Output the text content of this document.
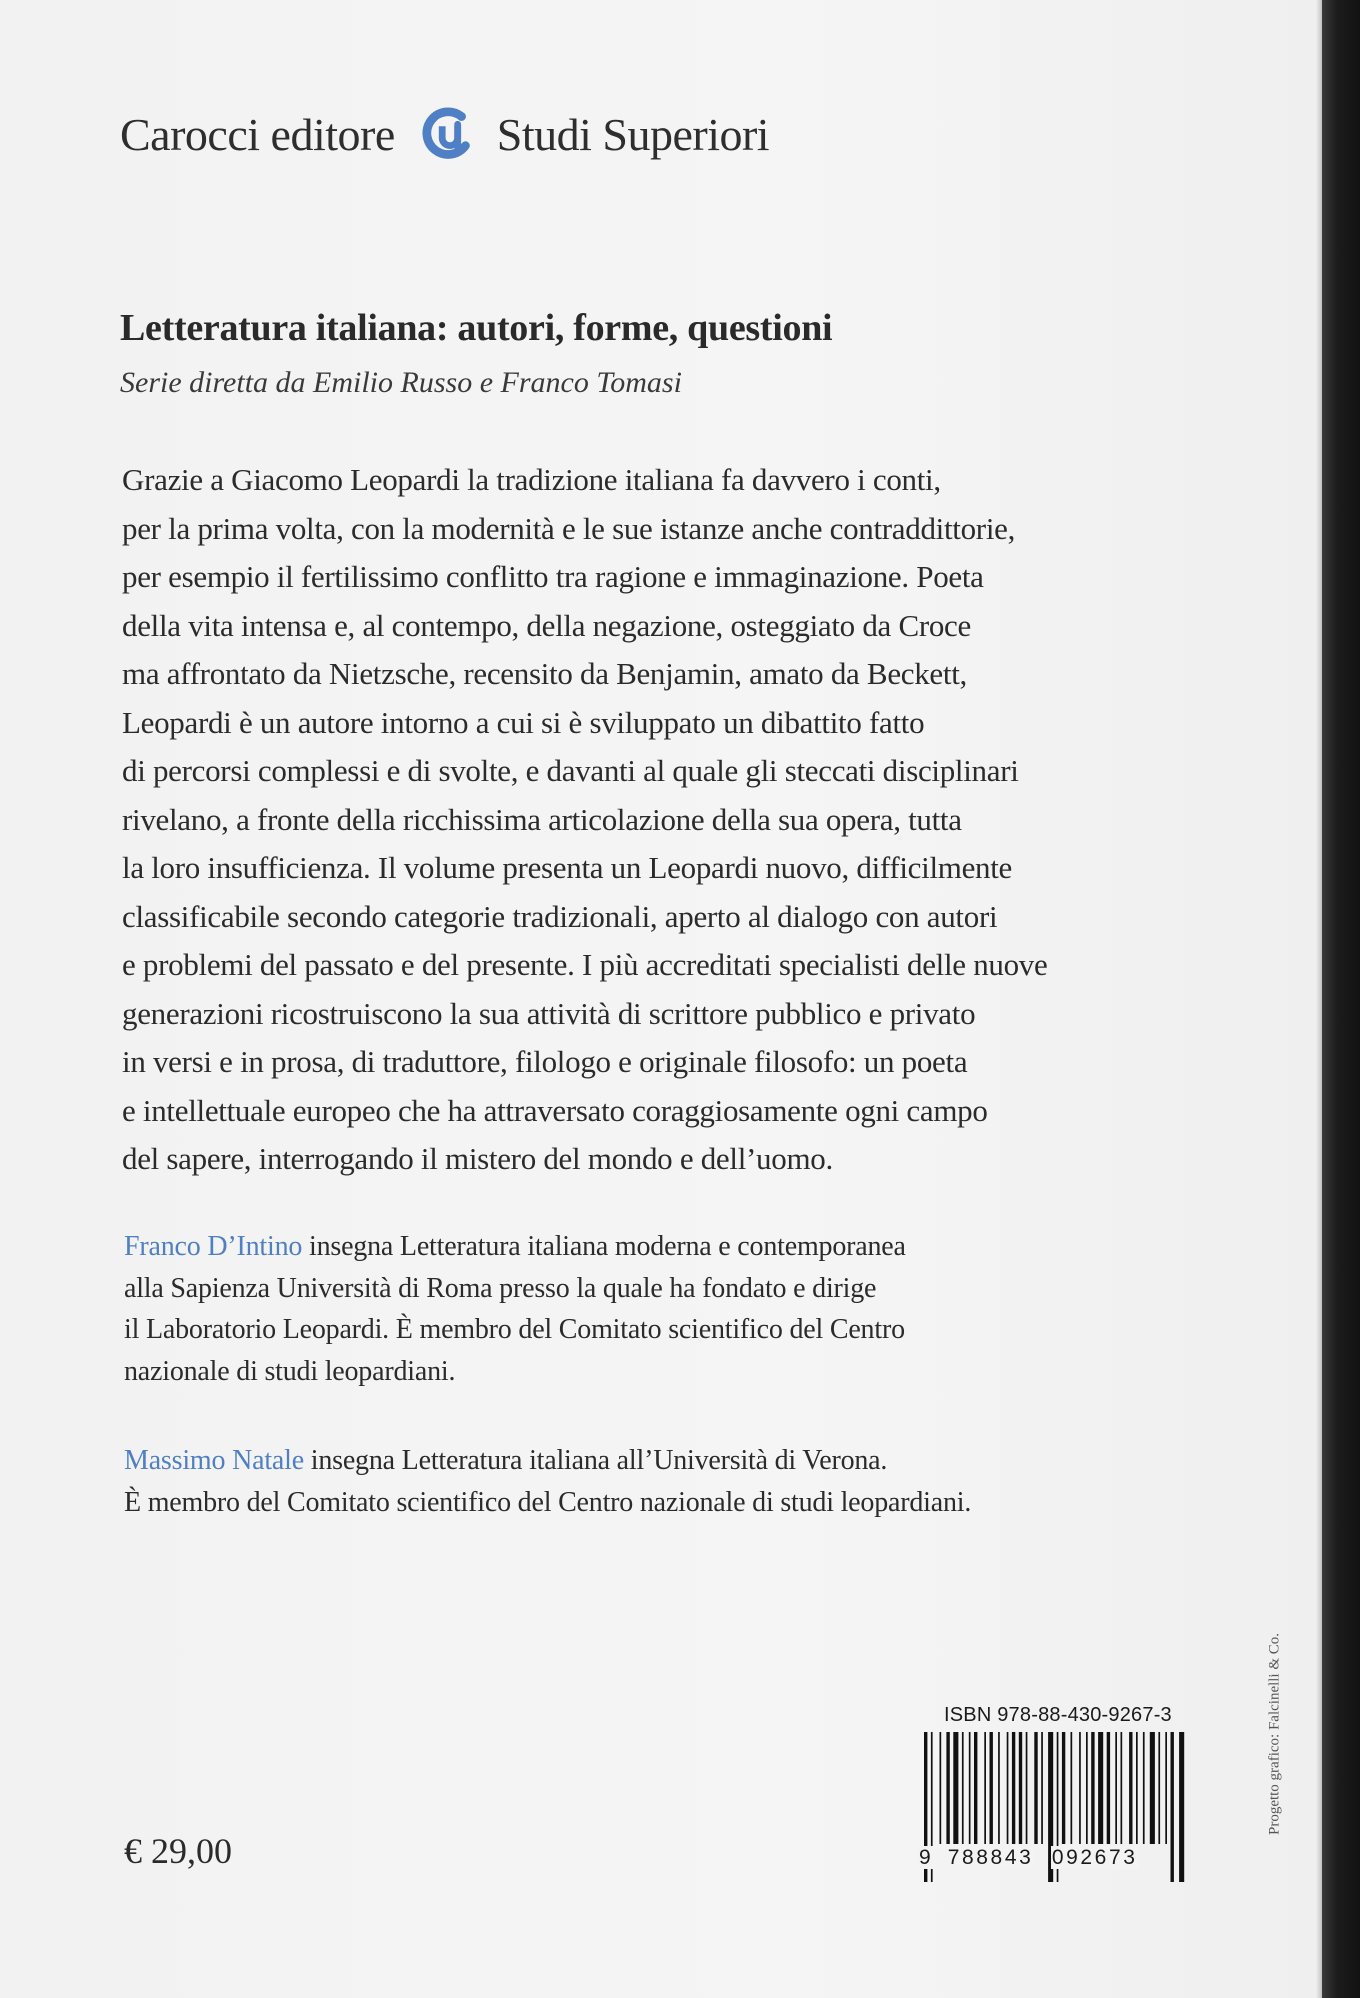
Carocci editore Studi Superiori
Letteratura italiana: autori, forme, questioni
Serie diretta da Emilio Russo e Franco Tomasi
Grazie a Giacomo Leopardi la tradizione italiana fa davvero i conti,
per la prima volta, con la modernità e le sue istanze anche contraddittorie,
per esempio il fertilissimo conflitto tra ragione e immaginazione. Poeta
della vita intensa e, al contempo, della negazione, osteggiato da Croce
ma affrontato da Nietzsche, recensito da Benjamin, amato da Beckett,
Leopardi è un autore intorno a cui si è sviluppato un dibattito fatto
di percorsi complessi e di svolte, e davanti al quale gli steccati disciplinari
rivelano, a fronte della ricchissima articolazione della sua opera, tutta
la loro insufficienza. Il volume presenta un Leopardi nuovo, difficilmente
classificabile secondo categorie tradizionali, aperto al dialogo con autori
e problemi del passato e del presente. I più accreditati specialisti delle nuove
generazioni ricostruiscono la sua attività di scrittore pubblico e privato
in versi e in prosa, di traduttore, filologo e originale filosofo: un poeta
e intellettuale europeo che ha attraversato coraggiosamente ogni campo
del sapere, interrogando il mistero del mondo e dell’uomo.
Franco D’Intino insegna Letteratura italiana moderna e contemporanea
alla Sapienza Università di Roma presso la quale ha fondato e dirige
il Laboratorio Leopardi. È membro del Comitato scientifico del Centro
nazionale di studi leopardiani.
Massimo Natale insegna Letteratura italiana all’Università di Verona.
È membro del Comitato scientifico del Centro nazionale di studi leopardiani.
Progetto grafico: Falcinelli & Co.
ISBN 978-88-430-9267-3
9 788843 092673
€ 29,00
